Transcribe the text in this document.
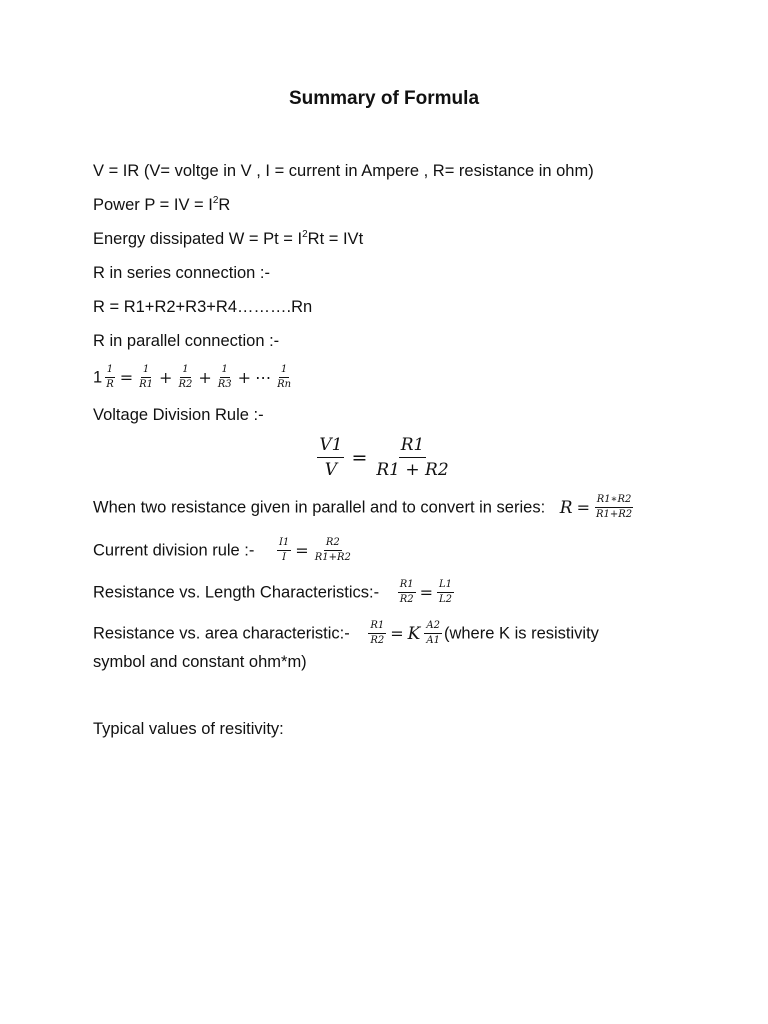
Summary of Formula
V = IR (V= voltge in V , I = current in Ampere , R= resistance in ohm)
Power P = IV = $I^2R$
Energy dissipated $W = Pt = I^2Rt$ = IVt
R in series connection :-
R = R1+R2+R3+R4……….Rn
R in parallel connection :-
$1 \frac{1}{R} = \frac{1}{R1} + \frac{1}{R2} + \frac{1}{R3}$ + ⋯ $\frac{1}{Rn}$
Voltage Division Rule :-
$\frac{V1}{V} = \frac{R1}{R1 + R2}$
When two resistance given in parallel and to convert in series: $R = \frac{R1∗R2}{R1+R2}$
Current division rule :- $\frac{I1}{I} = \frac{R2}{R1+R2}$
Resistance vs. Length Characteristics:- $\frac{R1}{R2} = \frac{L1}{L2}$
Resistance vs. area characteristic:- $\frac{R1}{R2} = K \frac{A2}{A1}$ (where K is resistivity
symbol and constant ohm*m)
Typical values of resitivity:
